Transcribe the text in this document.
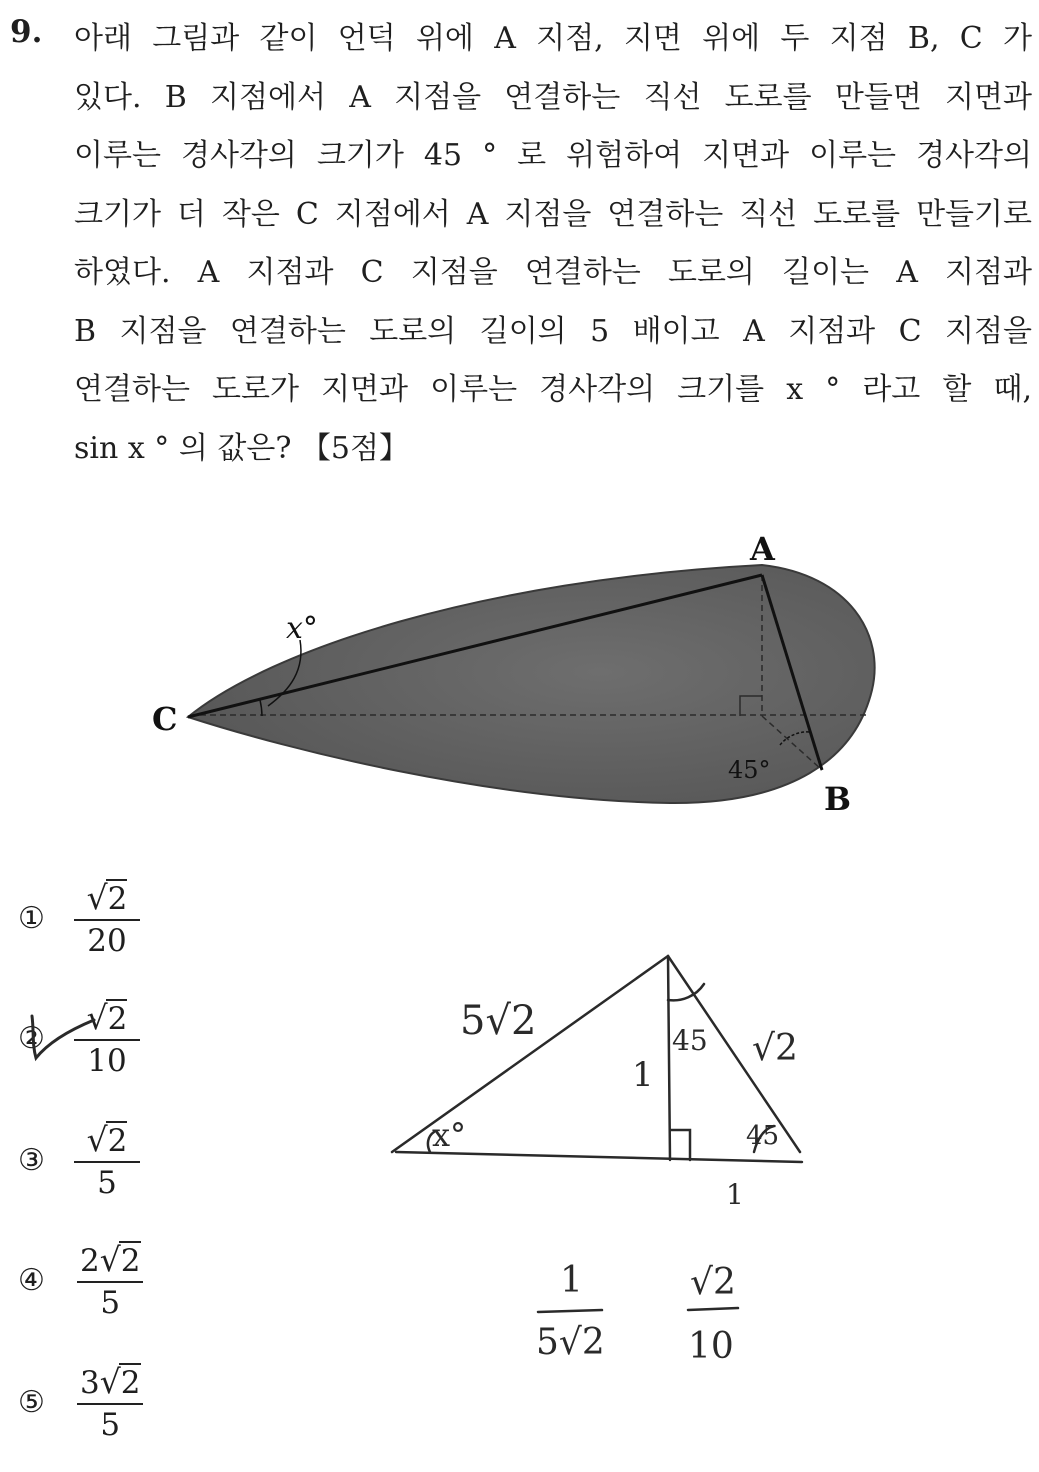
9. 아래 그림과 같이 언덕 위에 A 지점, 지면 위에 두 지점 B, C 가
있다. B 지점에서 A 지점을 연결하는 직선 도로를 만들면 지면과
이루는 경사각의 크기가 45 ° 로 위험하여 지면과 이루는 경사각의
크기가 더 작은 C 지점에서 A 지점을 연결하는 직선 도로를 만들기로
하였다. A 지점과 C 지점을 연결하는 도로의 길이는 A 지점과
B 지점을 연결하는 도로의 길이의 5 배이고 A 지점과 C 지점을
연결하는 도로가 지면과 이루는 경사각의 크기를 x ° 라고 할 때,
sin x ° 의 값은? 【5점】
A
B
C
x°
45°
① $\frac{√2}{20}$
② $\frac{√2}{10}$
③ $\frac{√2}{5}$
④ $\frac{2√2}{5}$
⑤ $\frac{3√2}{5}$
5√2
1
45 √2
45
x°
1
1
5√2
√2
10
